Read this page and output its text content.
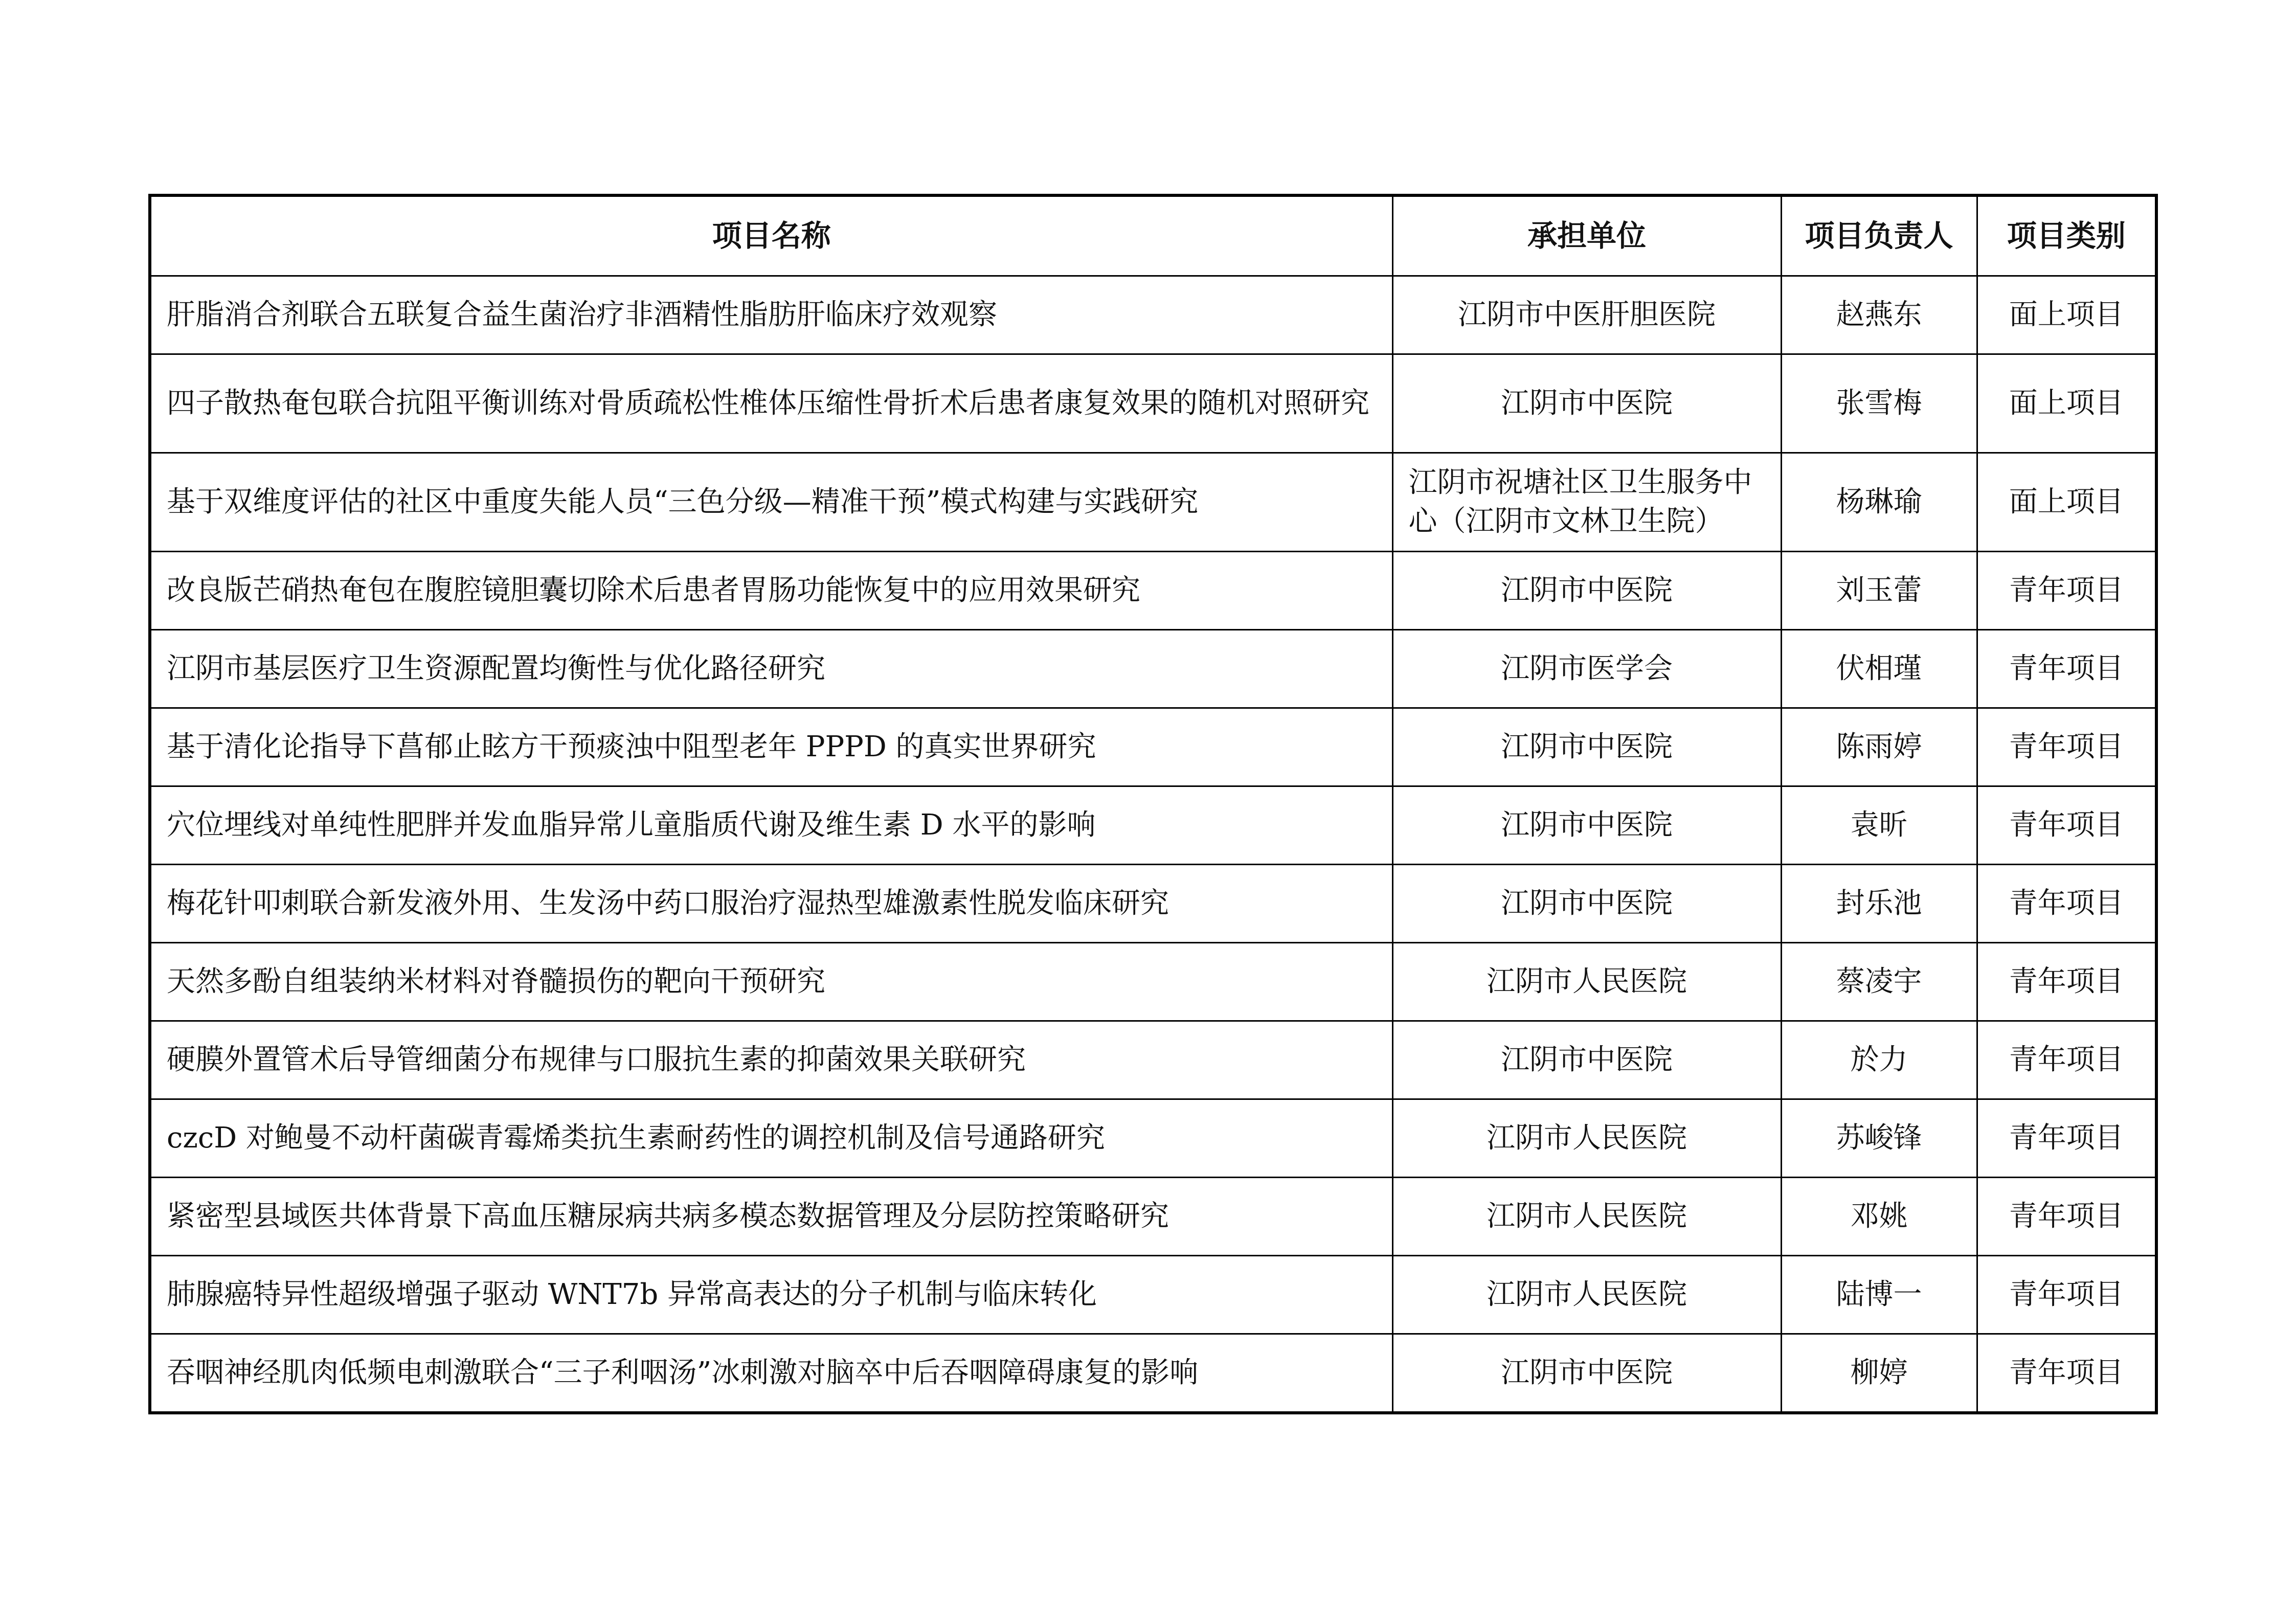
项目名称	承担单位	项目负责人	项目类别
肝脂消合剂联合五联复合益生菌治疗非酒精性脂肪肝临床疗效观察	江阴市中医肝胆医院	赵燕东	面上项目
四子散热奄包联合抗阻平衡训练对骨质疏松性椎体压缩性骨折术后患者康复效果的随机对照研究	江阴市中医院	张雪梅	面上项目
基于双维度评估的社区中重度失能人员“三色分级—精准干预”模式构建与实践研究	江阴市祝塘社区卫生服务中心（江阴市文林卫生院）	杨琳瑜	面上项目
改良版芒硝热奄包在腹腔镜胆囊切除术后患者胃肠功能恢复中的应用效果研究	江阴市中医院	刘玉蕾	青年项目
江阴市基层医疗卫生资源配置均衡性与优化路径研究	江阴市医学会	伏相瑾	青年项目
基于清化论指导下菖郁止眩方干预痰浊中阻型老年 PPPD 的真实世界研究	江阴市中医院	陈雨婷	青年项目
穴位埋线对单纯性肥胖并发血脂异常儿童脂质代谢及维生素 D 水平的影响	江阴市中医院	袁昕	青年项目
梅花针叩刺联合新发液外用、生发汤中药口服治疗湿热型雄激素性脱发临床研究	江阴市中医院	封乐池	青年项目
天然多酚自组装纳米材料对脊髓损伤的靶向干预研究	江阴市人民医院	蔡凌宇	青年项目
硬膜外置管术后导管细菌分布规律与口服抗生素的抑菌效果关联研究	江阴市中医院	於力	青年项目
czcD 对鲍曼不动杆菌碳青霉烯类抗生素耐药性的调控机制及信号通路研究	江阴市人民医院	苏峻锋	青年项目
紧密型县域医共体背景下高血压糖尿病共病多模态数据管理及分层防控策略研究	江阴市人民医院	邓姚	青年项目
肺腺癌特异性超级增强子驱动 WNT7b 异常高表达的分子机制与临床转化	江阴市人民医院	陆博一	青年项目
吞咽神经肌肉低频电刺激联合“三子利咽汤”冰刺激对脑卒中后吞咽障碍康复的影响	江阴市中医院	柳婷	青年项目
